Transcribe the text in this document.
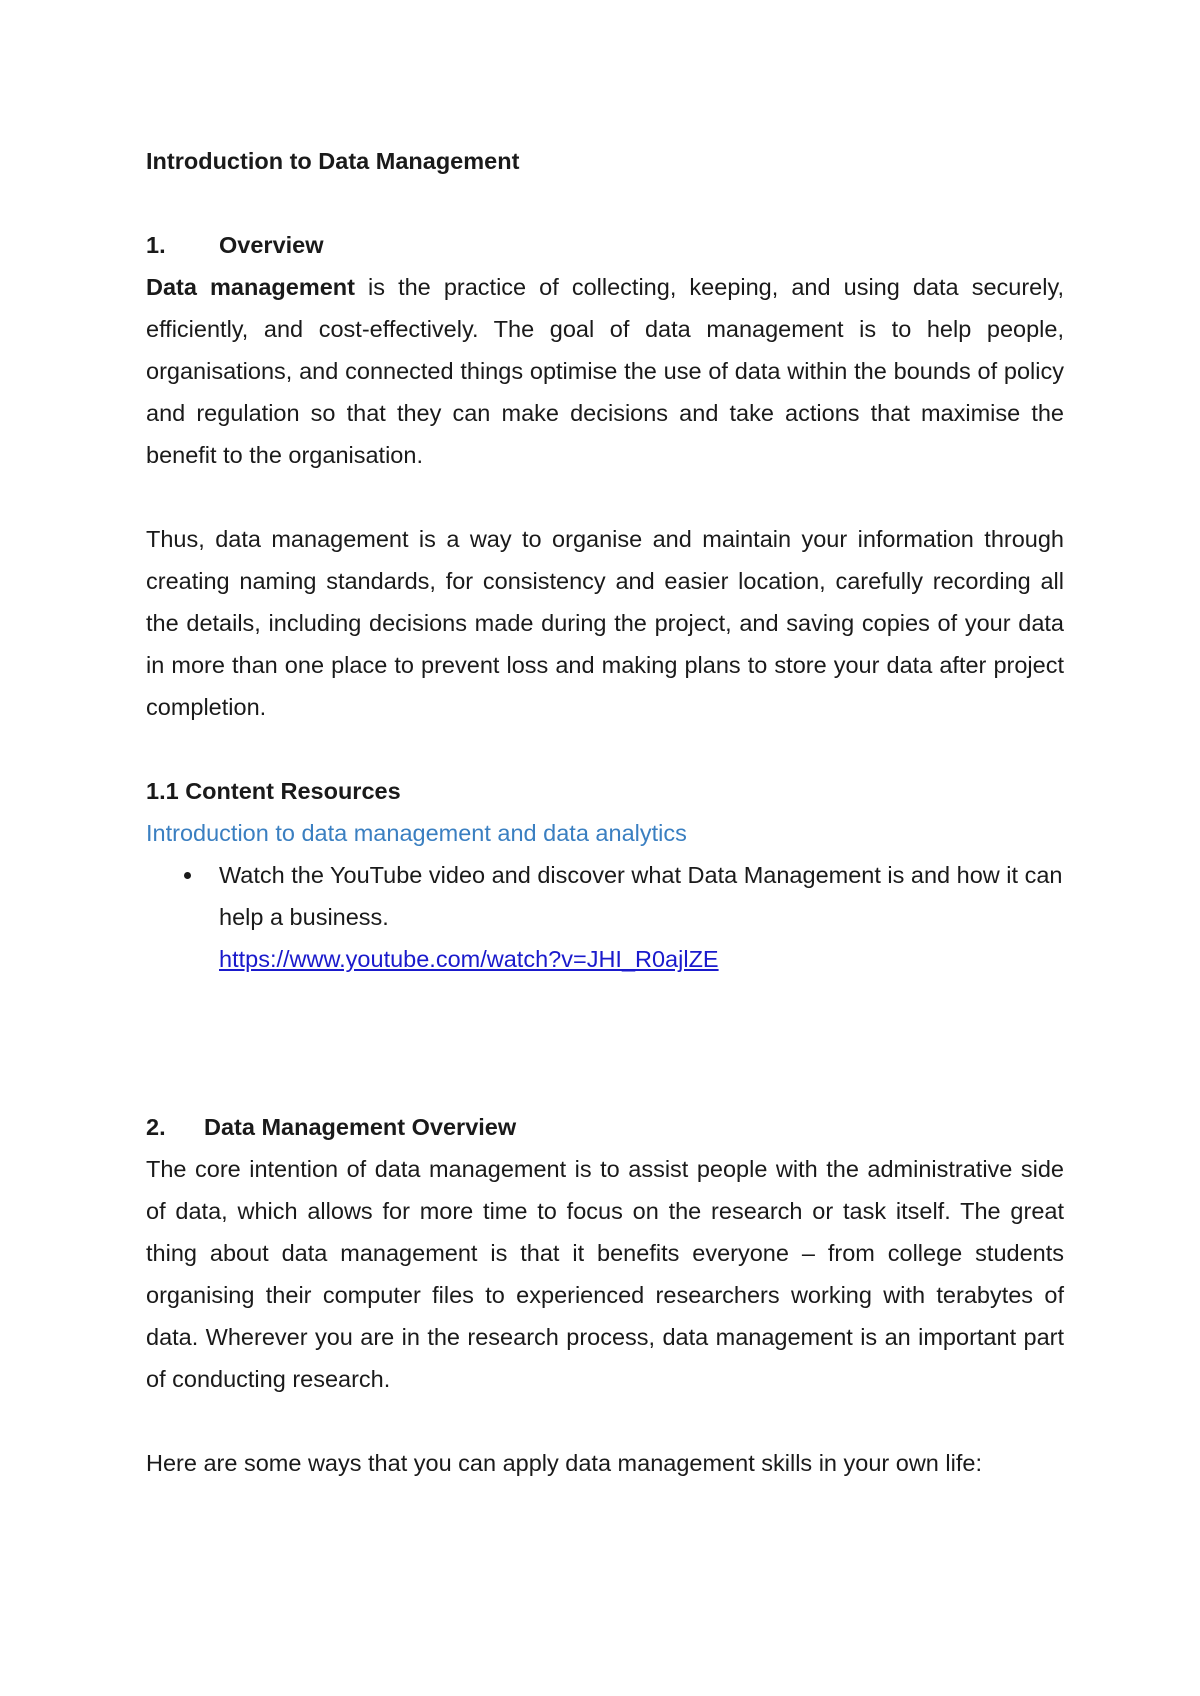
Introduction to Data Management

1.	Overview

Data management is the practice of collecting, keeping, and using data securely, efficiently, and cost-effectively. The goal of data management is to help people, organisations, and connected things optimise the use of data within the bounds of policy and regulation so that they can make decisions and take actions that maximise the benefit to the organisation.

Thus, data management is a way to organise and maintain your information through creating naming standards, for consistency and easier location, carefully recording all the details, including decisions made during the project, and saving copies of your data in more than one place to prevent loss and making plans to store your data after project completion.

1.1 Content Resources

Introduction to data management and data analytics

Watch the YouTube video and discover what Data Management is and how it can help a business.
https://www.youtube.com/watch?v=JHI_R0ajlZE
2.	Data Management Overview

The core intention of data management is to assist people with the administrative side of data, which allows for more time to focus on the research or task itself. The great thing about data management is that it benefits everyone – from college students organising their computer files to experienced researchers working with terabytes of data. Wherever you are in the research process, data management is an important part of conducting research.

Here are some ways that you can apply data management skills in your own life:
